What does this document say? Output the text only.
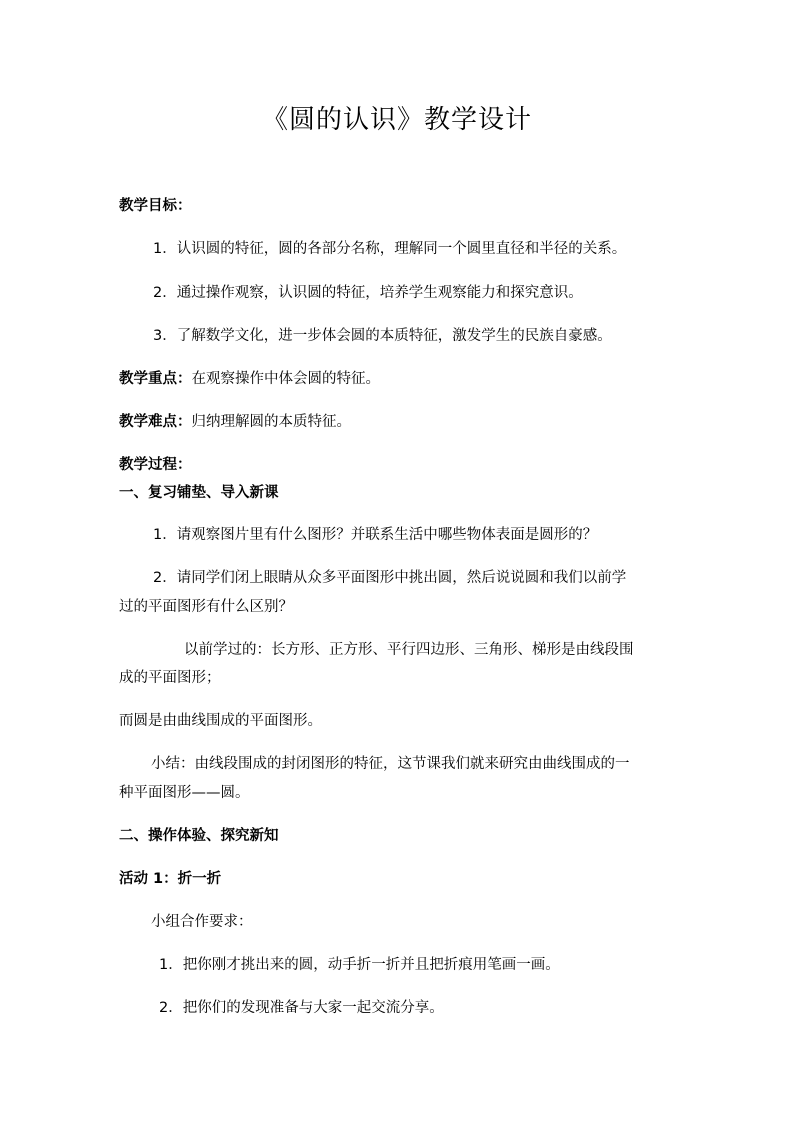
《圆的认识》教学设计
教学目标：
1．认识圆的特征，圆的各部分名称，理解同一个圆里直径和半径的关系。
2．通过操作观察，认识圆的特征，培养学生观察能力和探究意识。
3．了解数学文化，进一步体会圆的本质特征，激发学生的民族自豪感。
教学重点：在观察操作中体会圆的特征。
教学难点：归纳理解圆的本质特征。
教学过程：
一、复习铺垫、导入新课
1．请观察图片里有什么图形？并联系生活中哪些物体表面是圆形的？
2．请同学们闭上眼睛从众多平面图形中挑出圆，然后说说圆和我们以前学
过的平面图形有什么区别？
以前学过的：长方形、正方形、平行四边形、三角形、梯形是由线段围
成的平面图形；
而圆是由曲线围成的平面图形。
小结：由线段围成的封闭图形的特征，这节课我们就来研究由曲线围成的一
种平面图形——圆。
二、操作体验、探究新知
活动 1：折一折
小组合作要求：
1．把你刚才挑出来的圆，动手折一折并且把折痕用笔画一画。
2．把你们的发现准备与大家一起交流分享。
